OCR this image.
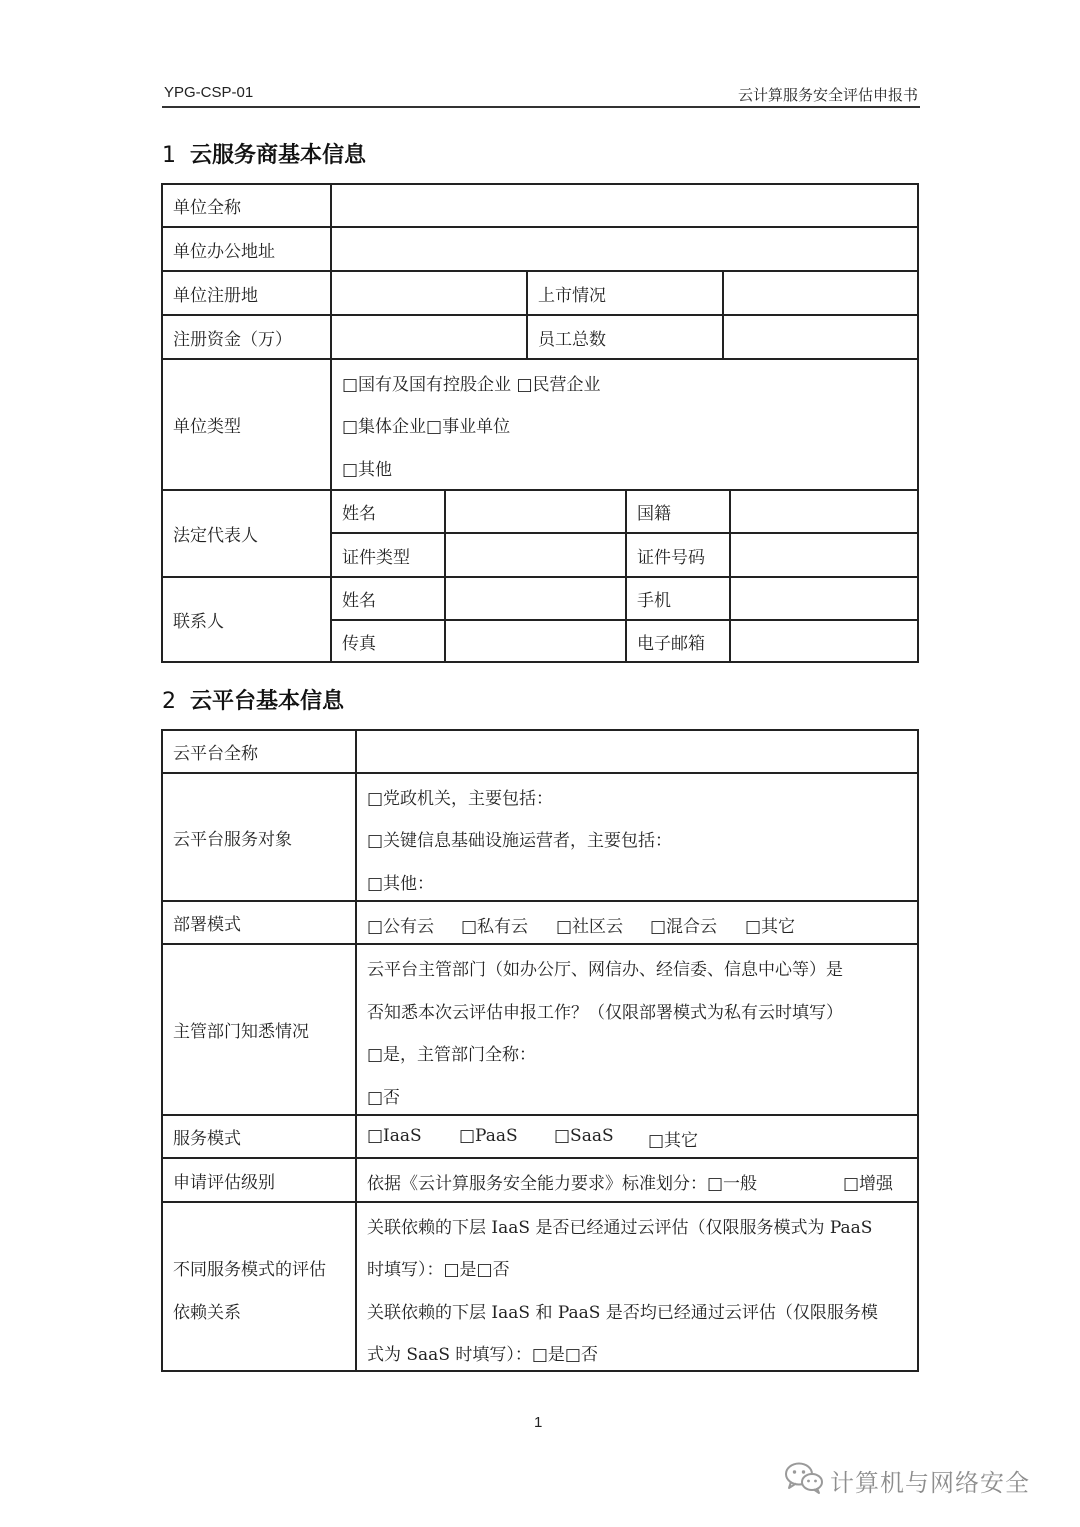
YPG-CSP-01	云计算服务安全评估申报书
1 云服务商基本信息
单位全称
单位办公地址
单位注册地	上市情况
注册资金（万）	员工总数
单位类型
□国有及国有控股企业 □民营企业
□集体企业□事业单位
□其他
法定代表人
姓名	国籍
证件类型	证件号码
联系人
姓名	手机
传真	电子邮箱
2 云平台基本信息
云平台全称
云平台服务对象
□党政机关，主要包括：
□关键信息基础设施运营者，主要包括：
□其他：
部署模式	□公有云 □私有云 □社区云 □混合云 □其它
主管部门知悉情况
云平台主管部门（如办公厅、网信办、经信委、信息中心等）是
否知悉本次云评估申报工作？（仅限部署模式为私有云时填写）
□是，主管部门全称：
□否
服务模式	□IaaS □PaaS □SaaS □其它
申请评估级别	依据《云计算服务安全能力要求》标准划分：□一般	□增强
不同服务模式的评估
依赖关系
关联依赖的下层 IaaS 是否已经通过云评估（仅限服务模式为 PaaS
时填写）：□是□否
关联依赖的下层 IaaS 和 PaaS 是否均已经通过云评估（仅限服务模
式为 SaaS 时填写）：□是□否
1
计算机与网络安全
